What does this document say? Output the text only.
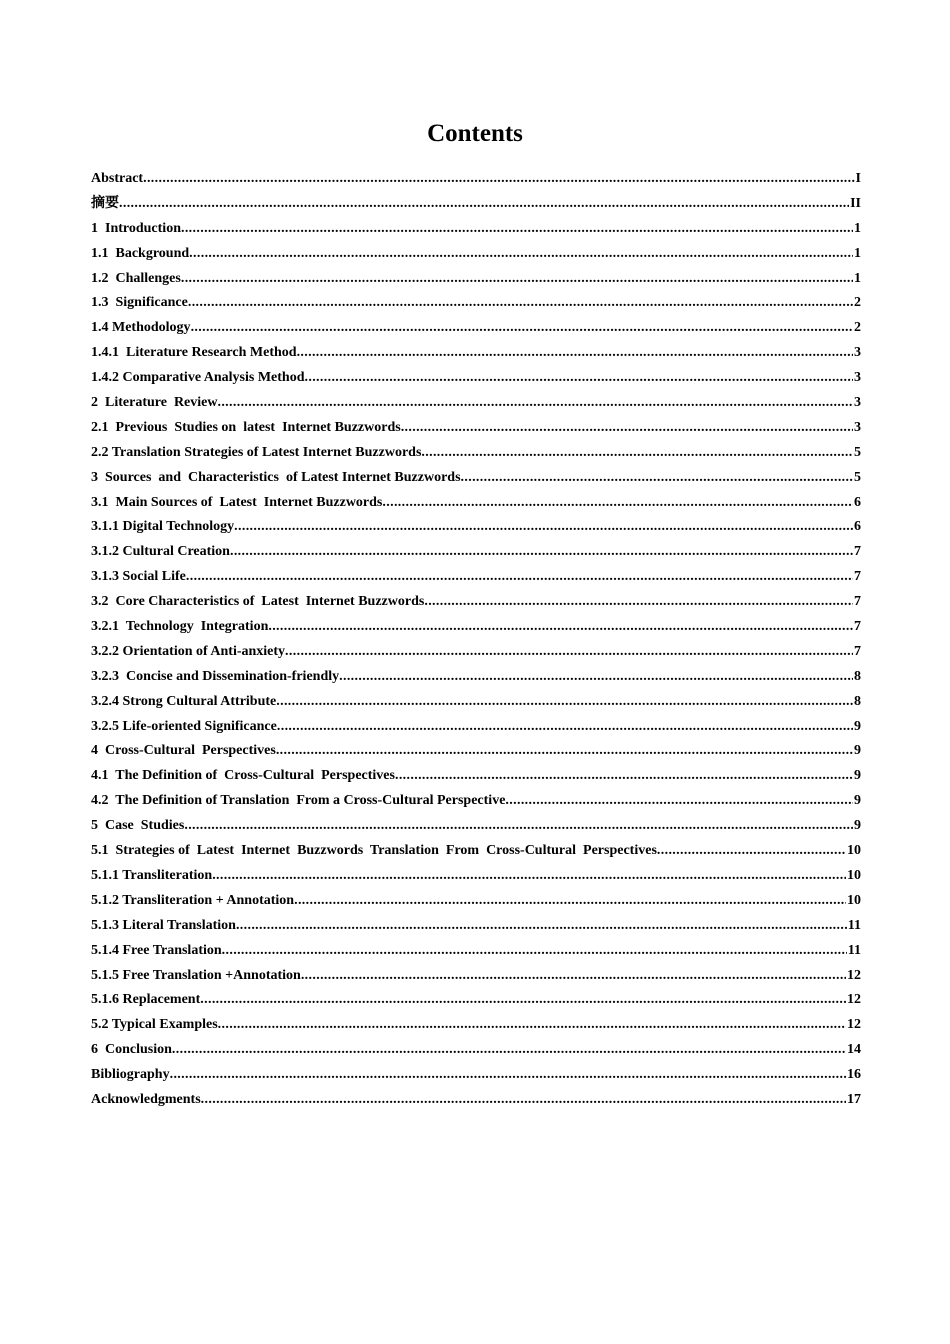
Contents
Abstract .....	I
摘要 .....	II
1  Introduction .....	1
1.1  Background .....	1
1.2  Challenges .....	1
1.3  Significance .....	2
1.4 Methodology .....	2
1.4.1  Literature Research Method .....	3
1.4.2 Comparative Analysis Method .....	3
2  Literature  Review .....	3
2.1  Previous  Studies on  latest  Internet Buzzwords .....	3
2.2 Translation Strategies of Latest Internet Buzzwords .....	5
3  Sources  and  Characteristics  of Latest Internet Buzzwords .....	5
3.1  Main Sources of  Latest  Internet Buzzwords .....	6
3.1.1 Digital Technology .....	6
3.1.2 Cultural Creation .....	7
3.1.3 Social Life .....	7
3.2  Core Characteristics of  Latest  Internet Buzzwords .....	7
3.2.1  Technology  Integration .....	7
3.2.2 Orientation of Anti-anxiety .....	7
3.2.3  Concise and Dissemination-friendly .....	8
3.2.4 Strong Cultural Attribute .....	8
3.2.5 Life-oriented Significance .....	9
4  Cross-Cultural  Perspectives .....	9
4.1  The Definition of  Cross-Cultural  Perspectives .....	9
4.2  The Definition of Translation  From a Cross-Cultural Perspective .....	9
5  Case  Studies .....	9
5.1  Strategies of  Latest  Internet  Buzzwords  Translation  From  Cross-Cultural  Perspectives .....	10
5.1.1 Transliteration .....	10
5.1.2 Transliteration + Annotation .....	10
5.1.3 Literal Translation .....	11
5.1.4 Free Translation .....	11
5.1.5 Free Translation +Annotation .....	12
5.1.6 Replacement .....	12
5.2 Typical Examples .....	12
6  Conclusion .....	14
Bibliography .....	16
Acknowledgments .....	17
